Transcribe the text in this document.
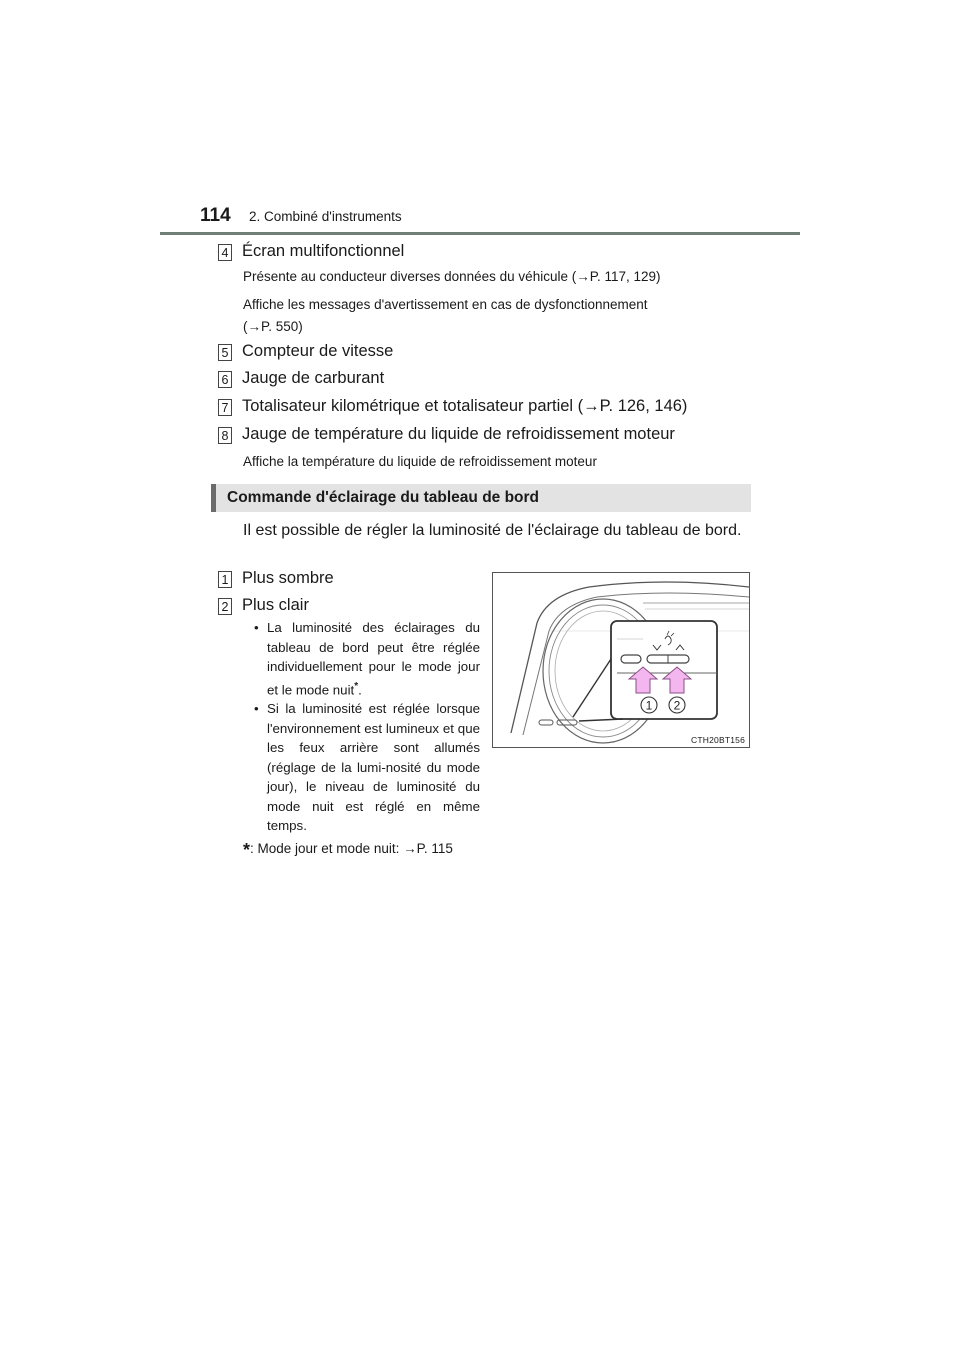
114 2. Combiné d'instruments
4 Écran multifonctionnel
Présente au conducteur diverses données du véhicule (→P. 117, 129)
Affiche les messages d'avertissement en cas de dysfonctionnement
(→P. 550)
5 Compteur de vitesse
6 Jauge de carburant
7 Totalisateur kilométrique et totalisateur partiel (→P. 126, 146)
8 Jauge de température du liquide de refroidissement moteur
Affiche la température du liquide de refroidissement moteur
Commande d'éclairage du tableau de bord
Il est possible de régler la luminosité de l'éclairage du tableau de bord.
1 Plus sombre
2 Plus clair
• La luminosité des éclairages du tableau de bord peut être réglée individuellement pour le mode jour et le mode nuit*.
• Si la luminosité est réglée lorsque l'environnement est lumineux et que les feux arrière sont allumés (réglage de la lumi-nosité du mode jour), le niveau de luminosité du mode nuit est réglé en même temps.
*: Mode jour et mode nuit: →P. 115
1 2
CTH20BT156
